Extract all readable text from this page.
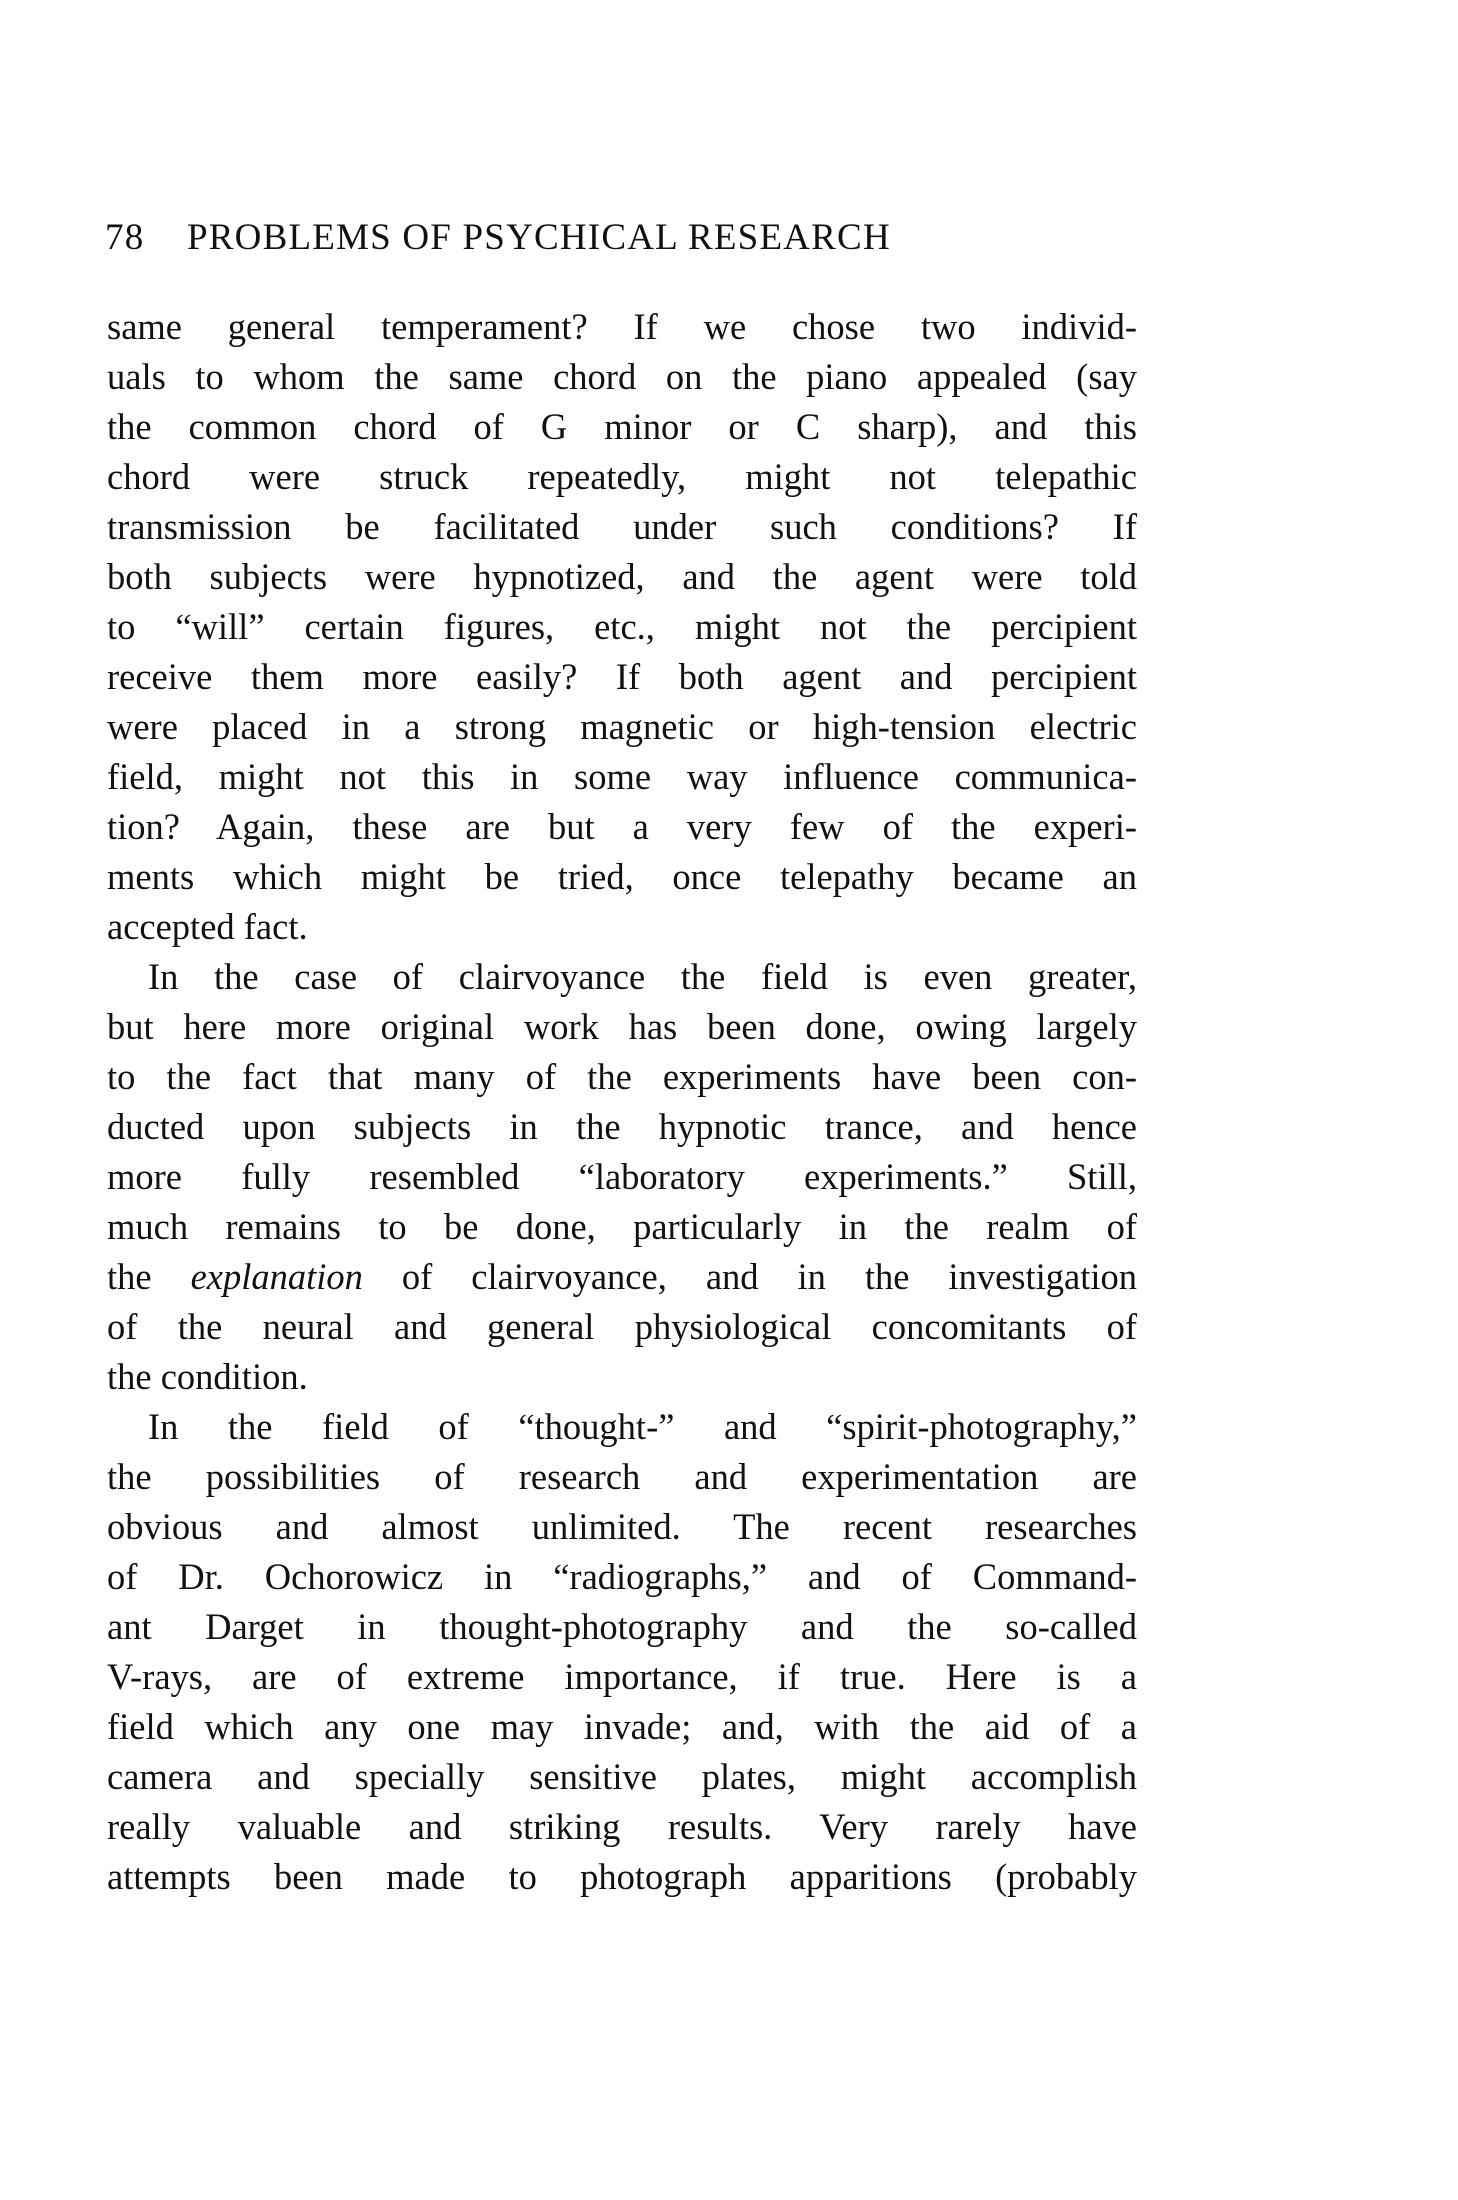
78 PROBLEMS OF PSYCHICAL RESEARCH
same general temperament? If we chose two individ-
uals to whom the same chord on the piano appealed (say
the common chord of G minor or C sharp), and this
chord were struck repeatedly, might not telepathic
transmission be facilitated under such conditions? If
both subjects were hypnotized, and the agent were told
to “will” certain figures, etc., might not the percipient
receive them more easily? If both agent and percipient
were placed in a strong magnetic or high-tension electric
field, might not this in some way influence communica-
tion? Again, these are but a very few of the experi-
ments which might be tried, once telepathy became an
accepted fact.
In the case of clairvoyance the field is even greater,
but here more original work has been done, owing largely
to the fact that many of the experiments have been con-
ducted upon subjects in the hypnotic trance, and hence
more fully resembled “laboratory experiments.” Still,
much remains to be done, particularly in the realm of
the explanation of clairvoyance, and in the investigation
of the neural and general physiological concomitants of
the condition.
In the field of “thought-” and “spirit-photography,”
the possibilities of research and experimentation are
obvious and almost unlimited. The recent researches
of Dr. Ochorowicz in “radiographs,” and of Command-
ant Darget in thought-photography and the so-called
V-rays, are of extreme importance, if true. Here is a
field which any one may invade; and, with the aid of a
camera and specially sensitive plates, might accomplish
really valuable and striking results. Very rarely have
attempts been made to photograph apparitions (probably
